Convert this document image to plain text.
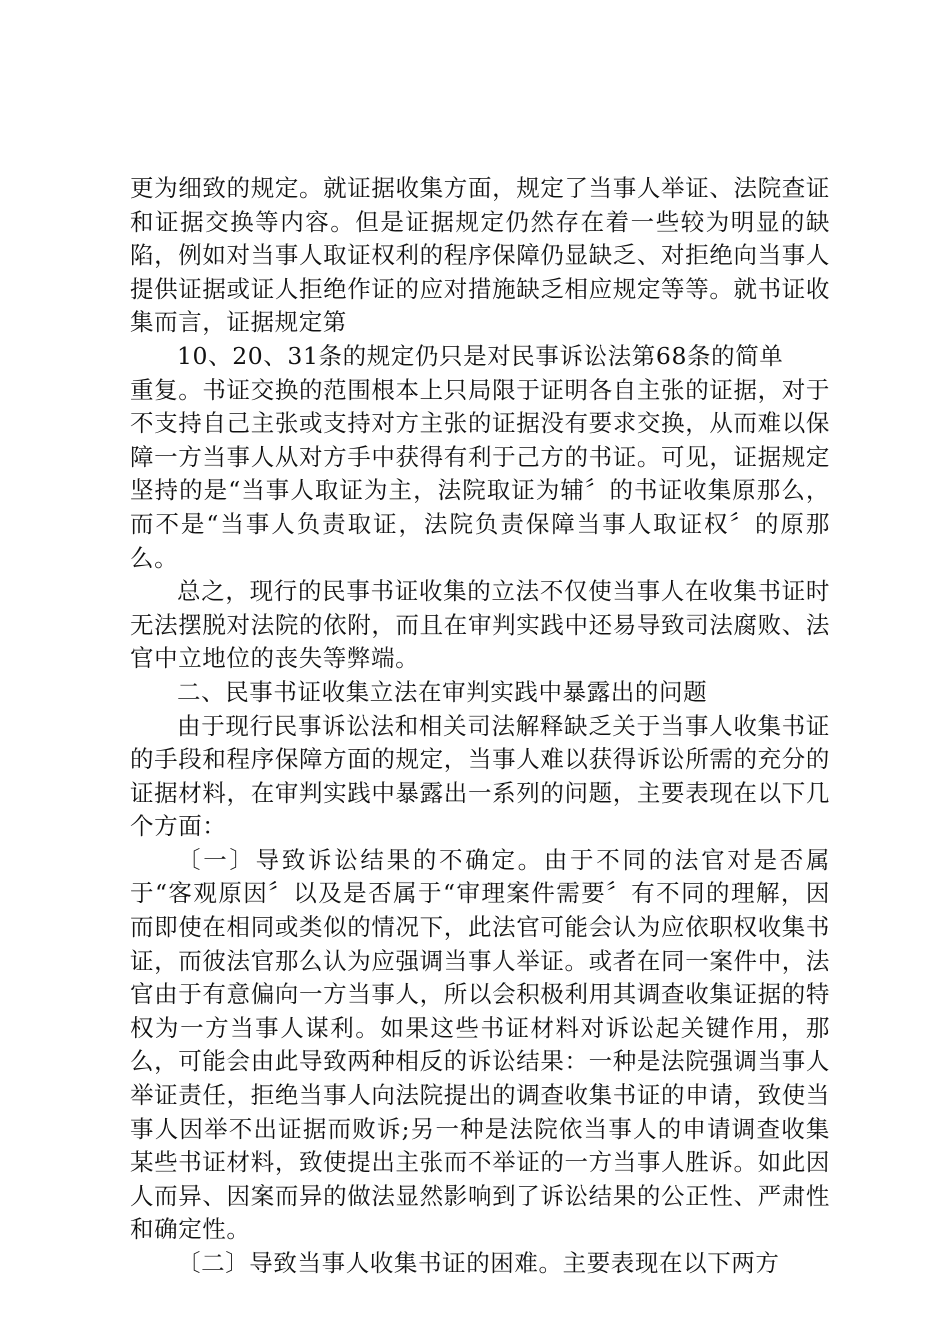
更为细致的规定。就证据收集方面，规定了当事人举证、法院查证和证据交换等内容。但是证据规定仍然存在着一些较为明显的缺陷，例如对当事人取证权利的程序保障仍显缺乏、对拒绝向当事人提供证据或证人拒绝作证的应对措施缺乏相应规定等等。就书证收集而言，证据规定第

10、20、31条的规定仍只是对民事诉讼法第68条的简单

重复。书证交换的范围根本上只局限于证明各自主张的证据，对于不支持自己主张或支持对方主张的证据没有要求交换，从而难以保障一方当事人从对方手中获得有利于己方的书证。可见，证据规定坚持的是“当事人取证为主，法院取证为辅〞的书证收集原那么，而不是“当事人负责取证，法院负责保障当事人取证权〞的原那么。

总之，现行的民事书证收集的立法不仅使当事人在收集书证时无法摆脱对法院的依附，而且在审判实践中还易导致司法腐败、法官中立地位的丧失等弊端。

二、民事书证收集立法在审判实践中暴露出的问题

由于现行民事诉讼法和相关司法解释缺乏关于当事人收集书证的手段和程序保障方面的规定，当事人难以获得诉讼所需的充分的证据材料，在审判实践中暴露出一系列的问题，主要表现在以下几个方面：

〔一〕导致诉讼结果的不确定。由于不同的法官对是否属于“客观原因〞以及是否属于“审理案件需要〞有不同的理解，因而即使在相同或类似的情况下，此法官可能会认为应依职权收集书证，而彼法官那么认为应强调当事人举证。或者在同一案件中，法官由于有意偏向一方当事人，所以会积极利用其调查收集证据的特权为一方当事人谋利。如果这些书证材料对诉讼起关键作用，那么，可能会由此导致两种相反的诉讼结果：一种是法院强调当事人举证责任，拒绝当事人向法院提出的调查收集书证的申请，致使当事人因举不出证据而败诉;另一种是法院依当事人的申请调查收集某些书证材料，致使提出主张而不举证的一方当事人胜诉。如此因人而异、因案而异的做法显然影响到了诉讼结果的公正性、严肃性和确定性。

〔二〕导致当事人收集书证的困难。主要表现在以下两方
